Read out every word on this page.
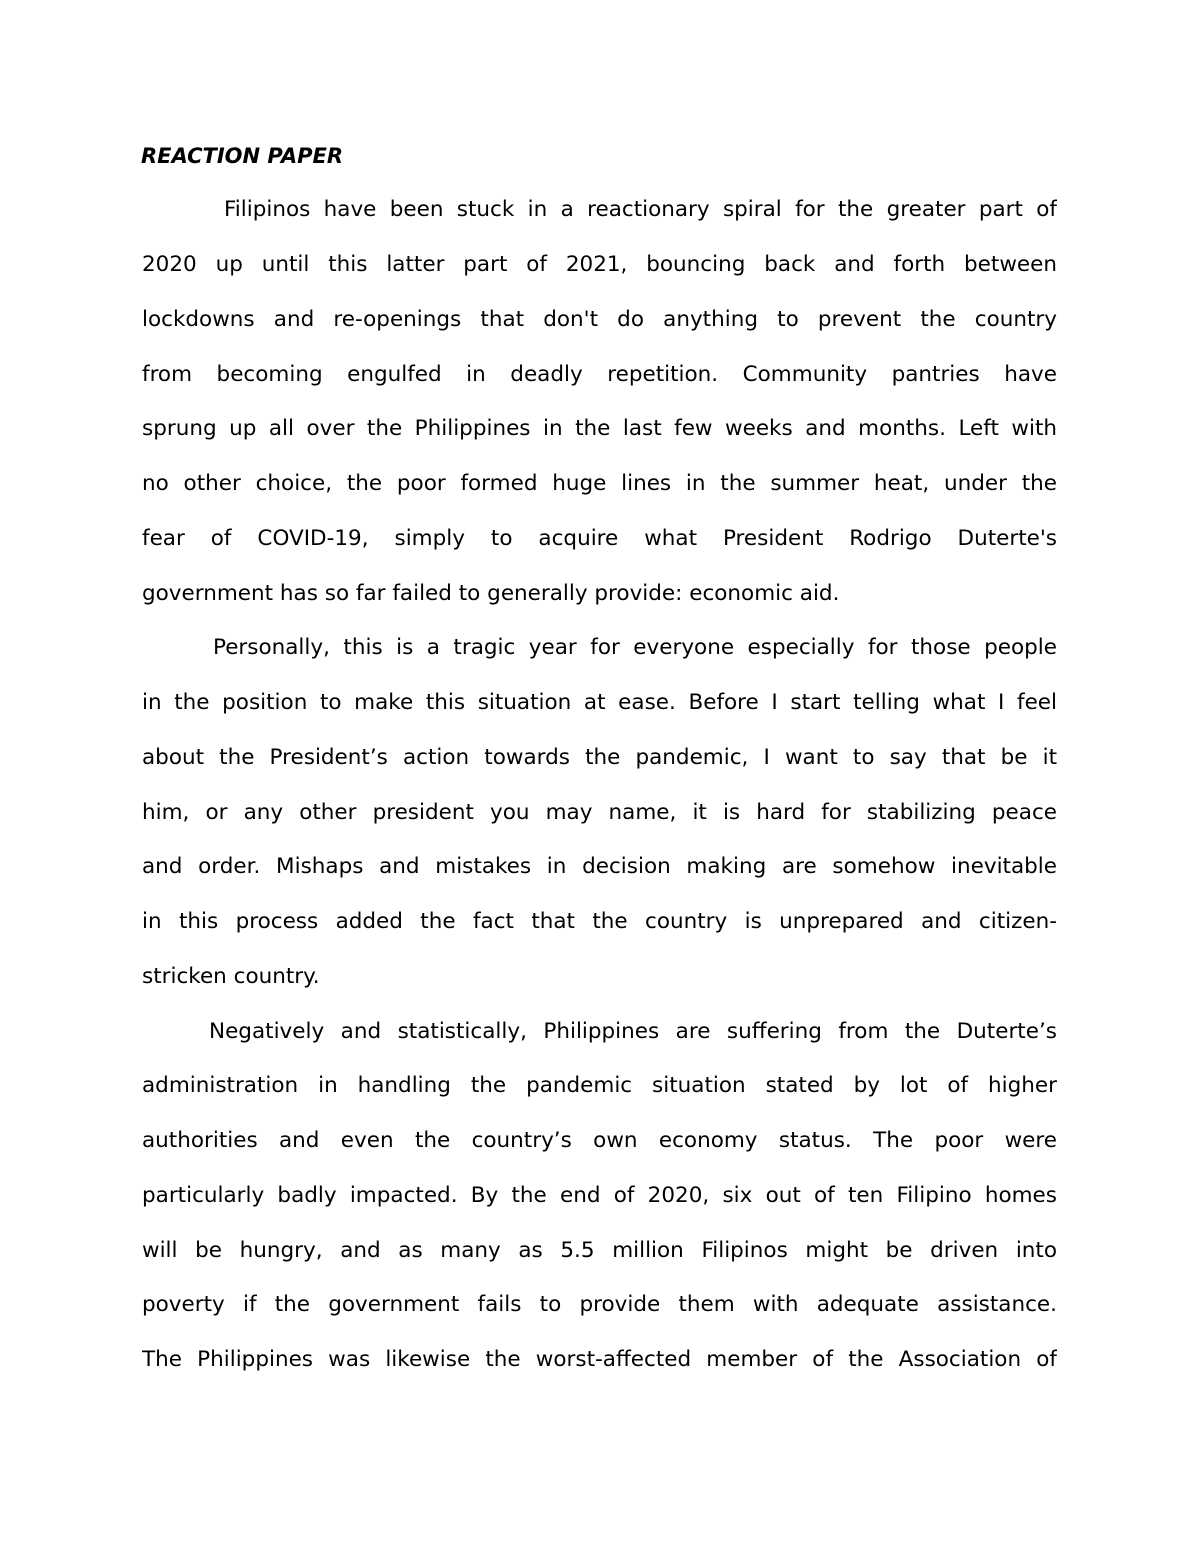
REACTION PAPER
Filipinos have been stuck in a reactionary spiral for the greater part of
2020 up until this latter part of 2021, bouncing back and forth between
lockdowns and re-openings that don't do anything to prevent the country
from becoming engulfed in deadly repetition. Community pantries have
sprung up all over the Philippines in the last few weeks and months. Left with
no other choice, the poor formed huge lines in the summer heat, under the
fear of COVID-19, simply to acquire what President Rodrigo Duterte's
government has so far failed to generally provide: economic aid.
Personally, this is a tragic year for everyone especially for those people
in the position to make this situation at ease. Before I start telling what I feel
about the President’s action towards the pandemic, I want to say that be it
him, or any other president you may name, it is hard for stabilizing peace
and order. Mishaps and mistakes in decision making are somehow inevitable
in this process added the fact that the country is unprepared and citizen-
stricken country.
Negatively and statistically, Philippines are suffering from the Duterte’s
administration in handling the pandemic situation stated by lot of higher
authorities and even the country’s own economy status. The poor were
particularly badly impacted. By the end of 2020, six out of ten Filipino homes
will be hungry, and as many as 5.5 million Filipinos might be driven into
poverty if the government fails to provide them with adequate assistance.
The Philippines was likewise the worst-affected member of the Association of
